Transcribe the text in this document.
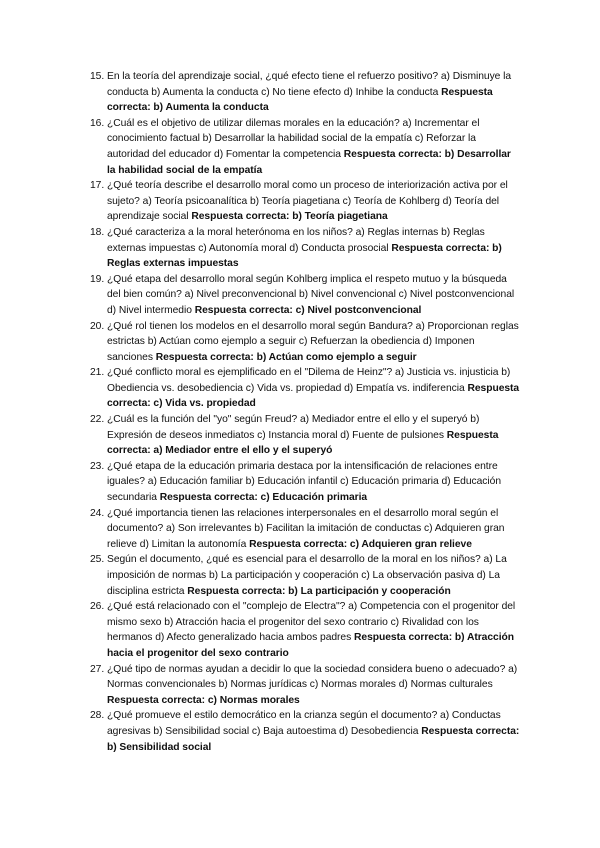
15. En la teoría del aprendizaje social, ¿qué efecto tiene el refuerzo positivo? a) Disminuye la conducta b) Aumenta la conducta c) No tiene efecto d) Inhibe la conducta Respuesta correcta: b) Aumenta la conducta
16. ¿Cuál es el objetivo de utilizar dilemas morales en la educación? a) Incrementar el conocimiento factual b) Desarrollar la habilidad social de la empatía c) Reforzar la autoridad del educador d) Fomentar la competencia Respuesta correcta: b) Desarrollar la habilidad social de la empatía
17. ¿Qué teoría describe el desarrollo moral como un proceso de interiorización activa por el sujeto? a) Teoría psicoanalítica b) Teoría piagetiana c) Teoría de Kohlberg d) Teoría del aprendizaje social Respuesta correcta: b) Teoría piagetiana
18. ¿Qué caracteriza a la moral heterónoma en los niños? a) Reglas internas b) Reglas externas impuestas c) Autonomía moral d) Conducta prosocial Respuesta correcta: b) Reglas externas impuestas
19. ¿Qué etapa del desarrollo moral según Kohlberg implica el respeto mutuo y la búsqueda del bien común? a) Nivel preconvencional b) Nivel convencional c) Nivel postconvencional d) Nivel intermedio Respuesta correcta: c) Nivel postconvencional
20. ¿Qué rol tienen los modelos en el desarrollo moral según Bandura? a) Proporcionan reglas estrictas b) Actúan como ejemplo a seguir c) Refuerzan la obediencia d) Imponen sanciones Respuesta correcta: b) Actúan como ejemplo a seguir
21. ¿Qué conflicto moral es ejemplificado en el "Dilema de Heinz"? a) Justicia vs. injusticia b) Obediencia vs. desobediencia c) Vida vs. propiedad d) Empatía vs. indiferencia Respuesta correcta: c) Vida vs. propiedad
22. ¿Cuál es la función del "yo" según Freud? a) Mediador entre el ello y el superyó b) Expresión de deseos inmediatos c) Instancia moral d) Fuente de pulsiones Respuesta correcta: a) Mediador entre el ello y el superyó
23. ¿Qué etapa de la educación primaria destaca por la intensificación de relaciones entre iguales? a) Educación familiar b) Educación infantil c) Educación primaria d) Educación secundaria Respuesta correcta: c) Educación primaria
24. ¿Qué importancia tienen las relaciones interpersonales en el desarrollo moral según el documento? a) Son irrelevantes b) Facilitan la imitación de conductas c) Adquieren gran relieve d) Limitan la autonomía Respuesta correcta: c) Adquieren gran relieve
25. Según el documento, ¿qué es esencial para el desarrollo de la moral en los niños? a) La imposición de normas b) La participación y cooperación c) La observación pasiva d) La disciplina estricta Respuesta correcta: b) La participación y cooperación
26. ¿Qué está relacionado con el "complejo de Electra"? a) Competencia con el progenitor del mismo sexo b) Atracción hacia el progenitor del sexo contrario c) Rivalidad con los hermanos d) Afecto generalizado hacia ambos padres Respuesta correcta: b) Atracción hacia el progenitor del sexo contrario
27. ¿Qué tipo de normas ayudan a decidir lo que la sociedad considera bueno o adecuado? a) Normas convencionales b) Normas jurídicas c) Normas morales d) Normas culturales Respuesta correcta: c) Normas morales
28. ¿Qué promueve el estilo democrático en la crianza según el documento? a) Conductas agresivas b) Sensibilidad social c) Baja autoestima d) Desobediencia Respuesta correcta: b) Sensibilidad social
